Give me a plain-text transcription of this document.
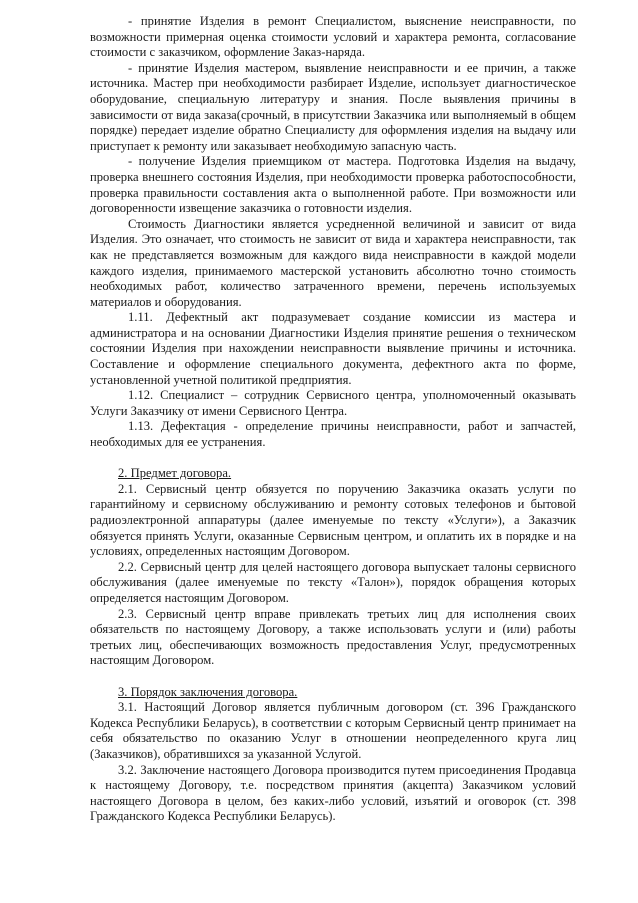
- принятие Изделия в ремонт Специалистом, выяснение неисправности, по возможности примерная оценка стоимости условий и характера ремонта, согласование стоимости с заказчиком, оформление Заказ-наряда.

- принятие Изделия мастером, выявление неисправности и ее причин, а также источника. Мастер при необходимости разбирает Изделие, использует диагностическое оборудование, специальную литературу и знания. После выявления причины в зависимости от вида заказа(срочный, в присутствии Заказчика или выполняемый в общем порядке) передает изделие обратно Специалисту для оформления изделия на выдачу или приступает к ремонту или заказывает необходимую запасную часть.

- получение Изделия приемщиком от мастера. Подготовка Изделия на выдачу, проверка внешнего состояния Изделия, при необходимости проверка работоспособности, проверка правильности составления акта о выполненной работе. При возможности или договоренности извещение заказчика о готовности изделия.

Стоимость Диагностики является усредненной величиной и зависит от вида Изделия. Это означает, что стоимость не зависит от вида и характера неисправности, так как не представляется возможным для каждого вида неисправности в каждой модели каждого изделия, принимаемого мастерской установить абсолютно точно стоимость необходимых работ, количество затраченного времени, перечень используемых материалов и оборудования.

1.11. Дефектный акт подразумевает создание комиссии из мастера и администратора и на основании Диагностики Изделия принятие решения о техническом состоянии Изделия при нахождении неисправности выявление причины и источника. Составление и оформление специального документа, дефектного акта по форме, установленной учетной политикой предприятия.

1.12. Специалист – сотрудник Сервисного центра, уполномоченный оказывать Услуги Заказчику от имени Сервисного Центра.

1.13. Дефектация - определение причины неисправности, работ и запчастей, необходимых для ее устранения.

2. Предмет договора.

2.1. Сервисный центр обязуется по поручению Заказчика оказать услуги по гарантийному и сервисному обслуживанию и ремонту сотовых телефонов и бытовой радиоэлектронной аппаратуры (далее именуемые по тексту «Услуги»), а Заказчик обязуется принять Услуги, оказанные Сервисным центром, и оплатить их в порядке и на условиях, определенных настоящим Договором.

2.2. Сервисный центр для целей настоящего договора выпускает талоны сервисного обслуживания (далее именуемые по тексту «Талон»), порядок обращения которых определяется настоящим Договором.

2.3. Сервисный центр вправе привлекать третьих лиц для исполнения своих обязательств по настоящему Договору, а также использовать услуги и (или) работы третьих лиц, обеспечивающих возможность предоставления Услуг, предусмотренных настоящим Договором.

3. Порядок заключения договора.

3.1. Настоящий Договор является публичным договором (ст. 396 Гражданского Кодекса Республики Беларусь), в соответствии с которым Сервисный центр принимает на себя обязательство по оказанию Услуг в отношении неопределенного круга лиц (Заказчиков), обратившихся за указанной Услугой.

3.2. Заключение настоящего Договора производится путем присоединения Продавца к настоящему Договору, т.е. посредством принятия (акцепта) Заказчиком условий настоящего Договора в целом, без каких-либо условий, изъятий и оговорок (ст. 398 Гражданского Кодекса Республики Беларусь).
